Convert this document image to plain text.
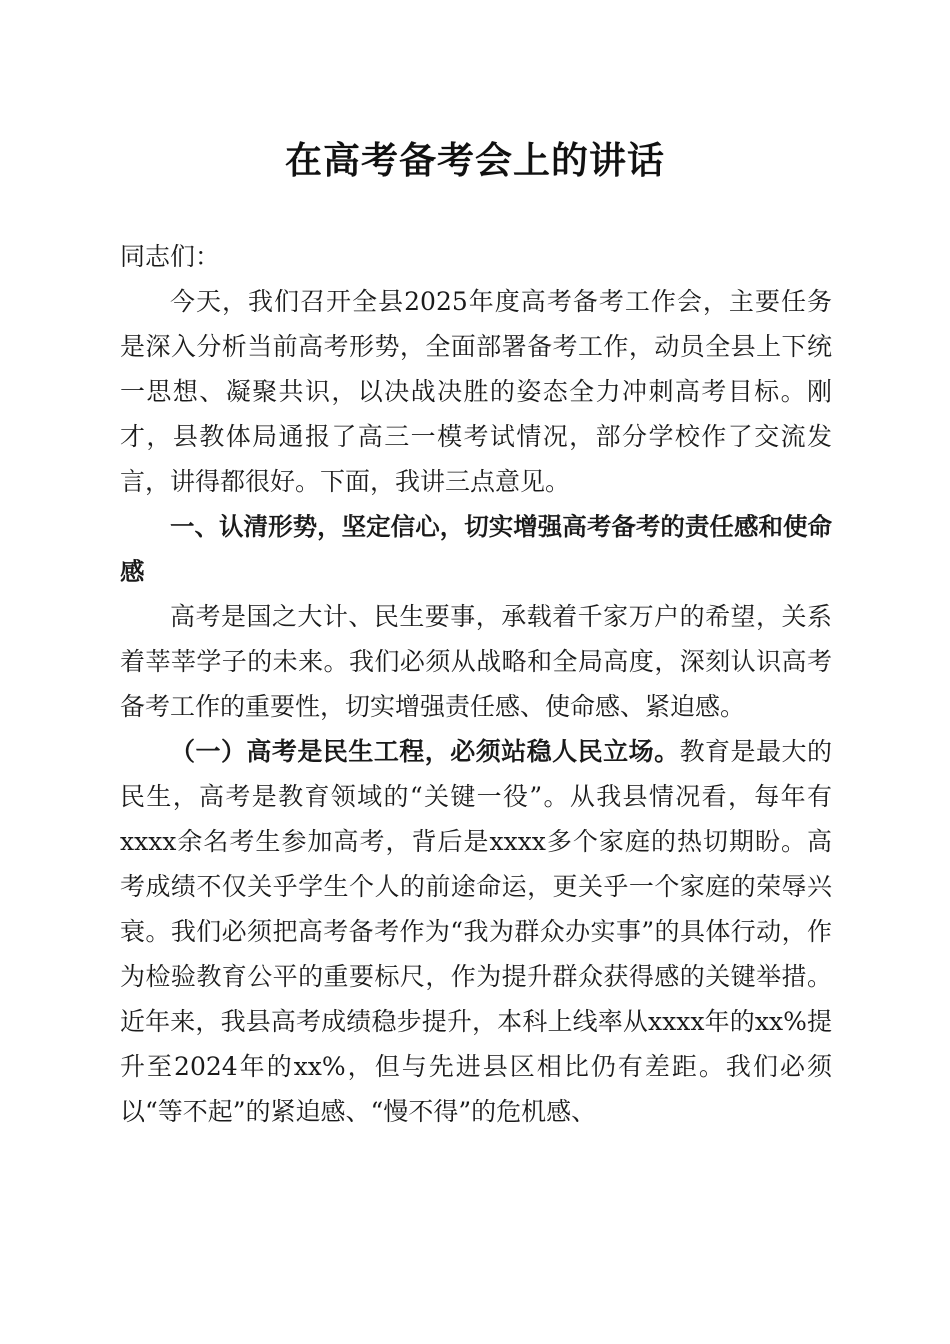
在高考备考会上的讲话

同志们：

今天，我们召开全县2025年度高考备考工作会，主要任务是深入分析当前高考形势，全面部署备考工作，动员全县上下统一思想、凝聚共识，以决战决胜的姿态全力冲刺高考目标。刚才，县教体局通报了高三一模考试情况，部分学校作了交流发言，讲得都很好。下面，我讲三点意见。

一、认清形势，坚定信心，切实增强高考备考的责任感和使命感

高考是国之大计、民生要事，承载着千家万户的希望，关系着莘莘学子的未来。我们必须从战略和全局高度，深刻认识高考备考工作的重要性，切实增强责任感、使命感、紧迫感。

（一）高考是民生工程，必须站稳人民立场。教育是最大的民生，高考是教育领域的“关键一役”。从我县情况看，每年有xxxx余名考生参加高考，背后是xxxx多个家庭的热切期盼。高考成绩不仅关乎学生个人的前途命运，更关乎一个家庭的荣辱兴衰。我们必须把高考备考作为“我为群众办实事”的具体行动，作为检验教育公平的重要标尺，作为提升群众获得感的关键举措。近年来，我县高考成绩稳步提升，本科上线率从xxxx年的xx%提升至2024年的xx%，但与先进县区相比仍有差距。我们必须以“等不起”的紧迫感、“慢不得”的危机感、
